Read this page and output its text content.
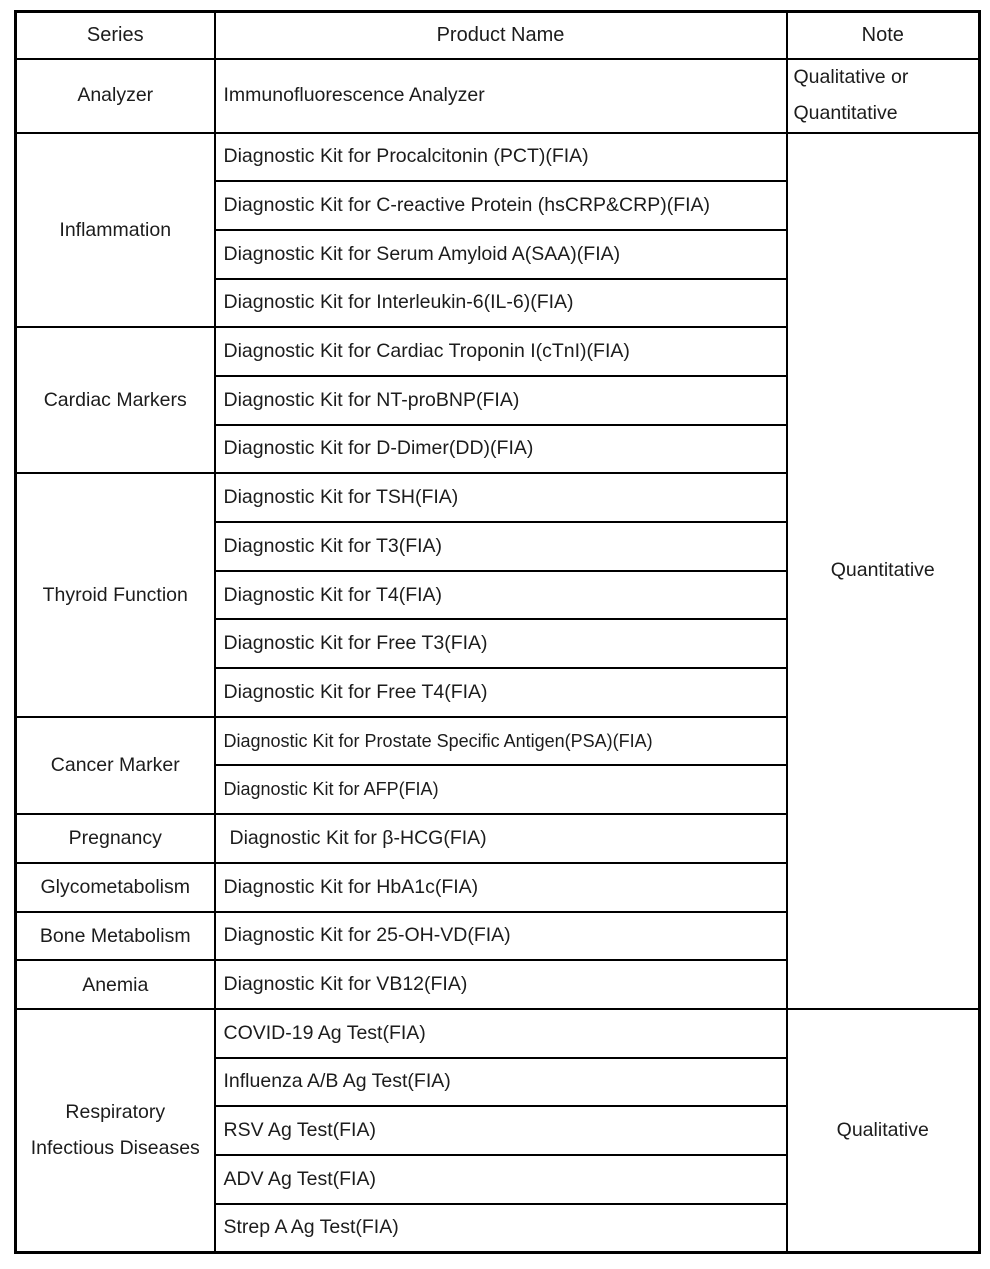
Series	Product Name	Note
Analyzer	Immunofluorescence Analyzer	Qualitative or Quantitative
Inflammation	Diagnostic Kit for Procalcitonin (PCT)(FIA)	Quantitative
	Diagnostic Kit for C-reactive Protein (hsCRP&CRP)(FIA)	
	Diagnostic Kit for Serum Amyloid A(SAA)(FIA)	
	Diagnostic Kit for Interleukin-6(IL-6)(FIA)	
Cardiac Markers	Diagnostic Kit for Cardiac Troponin I(cTnI)(FIA)	
	Diagnostic Kit for NT-proBNP(FIA)	
	Diagnostic Kit for D-Dimer(DD)(FIA)	
Thyroid Function	Diagnostic Kit for TSH(FIA)	
	Diagnostic Kit for T3(FIA)	
	Diagnostic Kit for T4(FIA)	
	Diagnostic Kit for Free T3(FIA)	
	Diagnostic Kit for Free T4(FIA)	
Cancer Marker	Diagnostic Kit for Prostate Specific Antigen(PSA)(FIA)	
	Diagnostic Kit for AFP(FIA)	
Pregnancy	Diagnostic Kit for β-HCG(FIA)	
Glycometabolism	Diagnostic Kit for HbA1c(FIA)	
Bone Metabolism	Diagnostic Kit for 25-OH-VD(FIA)	
Anemia	Diagnostic Kit for VB12(FIA)	
Respiratory Infectious Diseases	COVID-19 Ag Test(FIA)	Qualitative
	Influenza A/B Ag Test(FIA)	
	RSV Ag Test(FIA)	
	ADV Ag Test(FIA)	
	Strep A Ag Test(FIA)	
